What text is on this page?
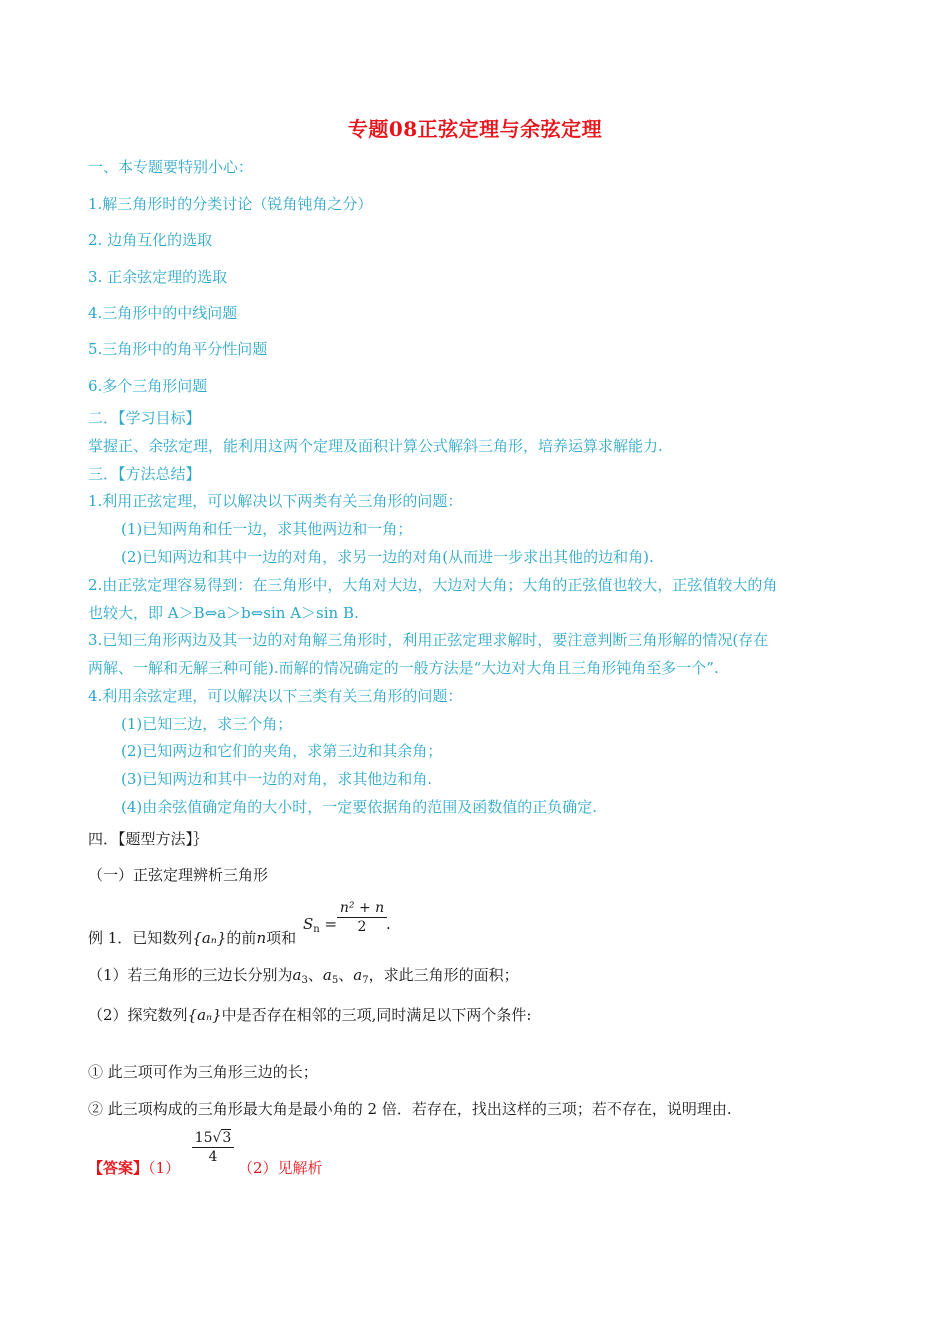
专题08正弦定理与余弦定理
一、本专题要特别小心：
1.解三角形时的分类讨论（锐角钝角之分）
2. 边角互化的选取
3. 正余弦定理的选取
4.三角形中的中线问题
5.三角形中的角平分性问题
6.多个三角形问题
二．【学习目标】
掌握正、余弦定理，能利用这两个定理及面积计算公式解斜三角形，培养运算求解能力.
三．【方法总结】
1.利用正弦定理，可以解决以下两类有关三角形的问题：
(1)已知两角和任一边，求其他两边和一角；
(2)已知两边和其中一边的对角，求另一边的对角(从而进一步求出其他的边和角).
2.由正弦定理容易得到：在三角形中，大角对大边，大边对大角；大角的正弦值也较大，正弦值较大的角
也较大，即 A＞B⇔a＞b⇔sin A＞sin B.
3.已知三角形两边及其一边的对角解三角形时，利用正弦定理求解时，要注意判断三角形解的情况(存在
两解、一解和无解三种可能).而解的情况确定的一般方法是“大边对大角且三角形钝角至多一个”.
4.利用余弦定理，可以解决以下三类有关三角形的问题：
(1)已知三边，求三个角；
(2)已知两边和它们的夹角，求第三边和其余角；
(3)已知两边和其中一边的对角，求其他边和角.
(4)由余弦值确定角的大小时，一定要依据角的范围及函数值的正负确定.
四．【题型方法】｝
（一）正弦定理辨析三角形
例 1．已知数列{aₙ}的前n项和
$S_n$ =
n² + n
2	.
（1）若三角形的三边长分别为$a_3$、$a_5$、$a_7$，求此三角形的面积；
（2）探究数列{aₙ}中是否存在相邻的三项,同时满足以下两个条件:
① 此三项可作为三角形三边的长；
② 此三项构成的三角形最大角是最小角的 2 倍．若存在，找出这样的三项；若不存在，说明理由.
【答案】（1）
15√3
4
（2）见解析
